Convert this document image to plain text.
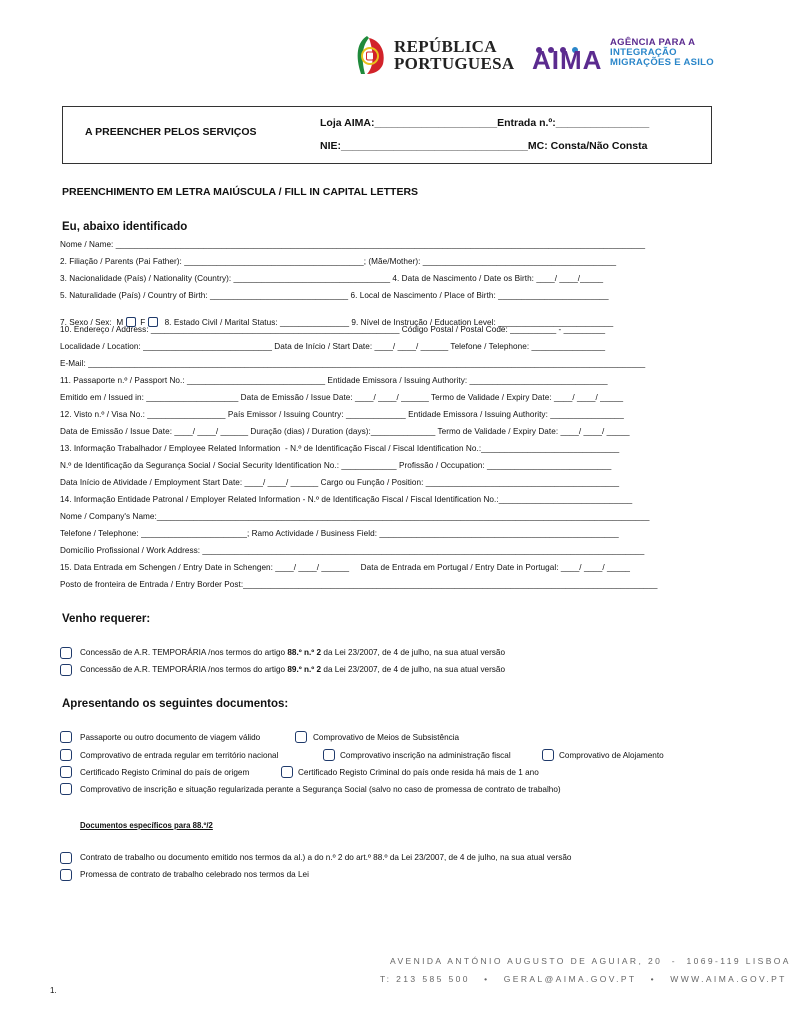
REPÚBLICA
PORTUGUESA AIMA
AGÊNCIA PARA A
INTEGRAÇÃO
MIGRAÇÕES E ASILO
A PREENCHER PELOS SERVIÇOS
Loja AIMA:_____________________Entrada n.º:________________
NIE:________________________________MC: Consta/Não Consta
PREENCHIMENTO EM LETRA MAIÚSCULA / FILL IN CAPITAL LETTERS
Eu, abaixo identificado
Nome / Name: ___________________________________________________________________________________________________________________
2. Filiação / Parents (Pai Father): _______________________________________; (Mãe/Mother): __________________________________________
3. Nacionalidade (País) / Nationality (Country): __________________________________ 4. Data de Nascimento / Date os Birth: ____/ ____/_____
5. Naturalidade (País) / Country of Birth: ______________________________ 6. Local de Nascimento / Place of Birth: ________________________

7. Sexo / Sex:  M F 8. Estado Civil / Marital Status: _______________ 9. Nível de Instrução / Education Level: _________________________

10. Endereço / Address: ______________________________________________________ Código Postal / Postal Code: __________ - _________
Localidade / Location: ____________________________ Data de Início / Start Date: ____/ ____/ ______ Telefone / Telephone: ________________
E-Mail: _________________________________________________________________________________________________________________________
11. Passaporte n.º / Passport No.: ______________________________ Entidade Emissora / Issuing Authority: ______________________________
Emitido em / Issued in: ____________________ Data de Emissão / Issue Date: ____/ ____/ ______ Termo de Validade / Expiry Date: ____/ ____/ _____
12. Visto n.º / Visa No.: _________________ País Emissor / Issuing Country: _____________ Entidade Emissora / Issuing Authority: ________________
Data de Emissão / Issue Date: ____/ ____/ ______ Duração (dias) / Duration (days):______________ Termo de Validade / Expiry Date: ____/ ____/ _____
13. Informação Trabalhador / Employee Related Information  - N.º de Identificação Fiscal / Fiscal Identification No.:______________________________
N.º de Identificação da Segurança Social / Social Security Identification No.: ____________ Profissão / Occupation: ___________________________
Data Início de Atividade / Employment Start Date: ____/ ____/ ______ Cargo ou Função / Position: __________________________________________
14. Informação Entidade Patronal / Employer Related Information - N.º de Identificação Fiscal / Fiscal Identification No.:_____________________________
Nome / Company's Name:___________________________________________________________________________________________________________
Telefone / Telephone: _______________________; Ramo Actividade / Business Field: ____________________________________________________
Domicílio Profissional / Work Address: ________________________________________________________________________________________________
15. Data Entrada em Schengen / Entry Date in Schengen: ____/ ____/ ______     Data de Entrada em Portugal / Entry Date in Portugal: ____/ ____/ _____
Posto de fronteira de Entrada / Entry Border Post:__________________________________________________________________________________________
Venho requerer:
Concessão de A.R. TEMPORÁRIA /nos termos do artigo 88.º n.º 2 da Lei 23/2007, de 4 de julho, na sua atual versão
Concessão de A.R. TEMPORÁRIA /nos termos do artigo 89.º n.º 2 da Lei 23/2007, de 4 de julho, na sua atual versão
Apresentando os seguintes documentos:
Passaporte ou outro documento de viagem válido	Comprovativo de Meios de Subsistência
Comprovativo de entrada regular em território nacional	Comprovativo inscrição na administração fiscal	Comprovativo de Alojamento
Certificado Registo Criminal do país de origem	Certificado Registo Criminal do país onde resida há mais de 1 ano
Comprovativo de inscrição e situação regularizada perante a Segurança Social (salvo no caso de promessa de contrato de trabalho)
Documentos específicos para 88.º/2
Contrato de trabalho ou documento emitido nos termos da al.) a do n.º 2 do art.º 88.º da Lei 23/2007, de 4 de julho, na sua atual versão
Promessa de contrato de trabalho celebrado nos termos da Lei
AVENIDA ANTÓNIO AUGUSTO DE AGUIAR, 20  -  1069-119 LISBOA
T: 213 585 500   •   GERAL@AIMA.GOV.PT   •   WWW.AIMA.GOV.PT
1.
